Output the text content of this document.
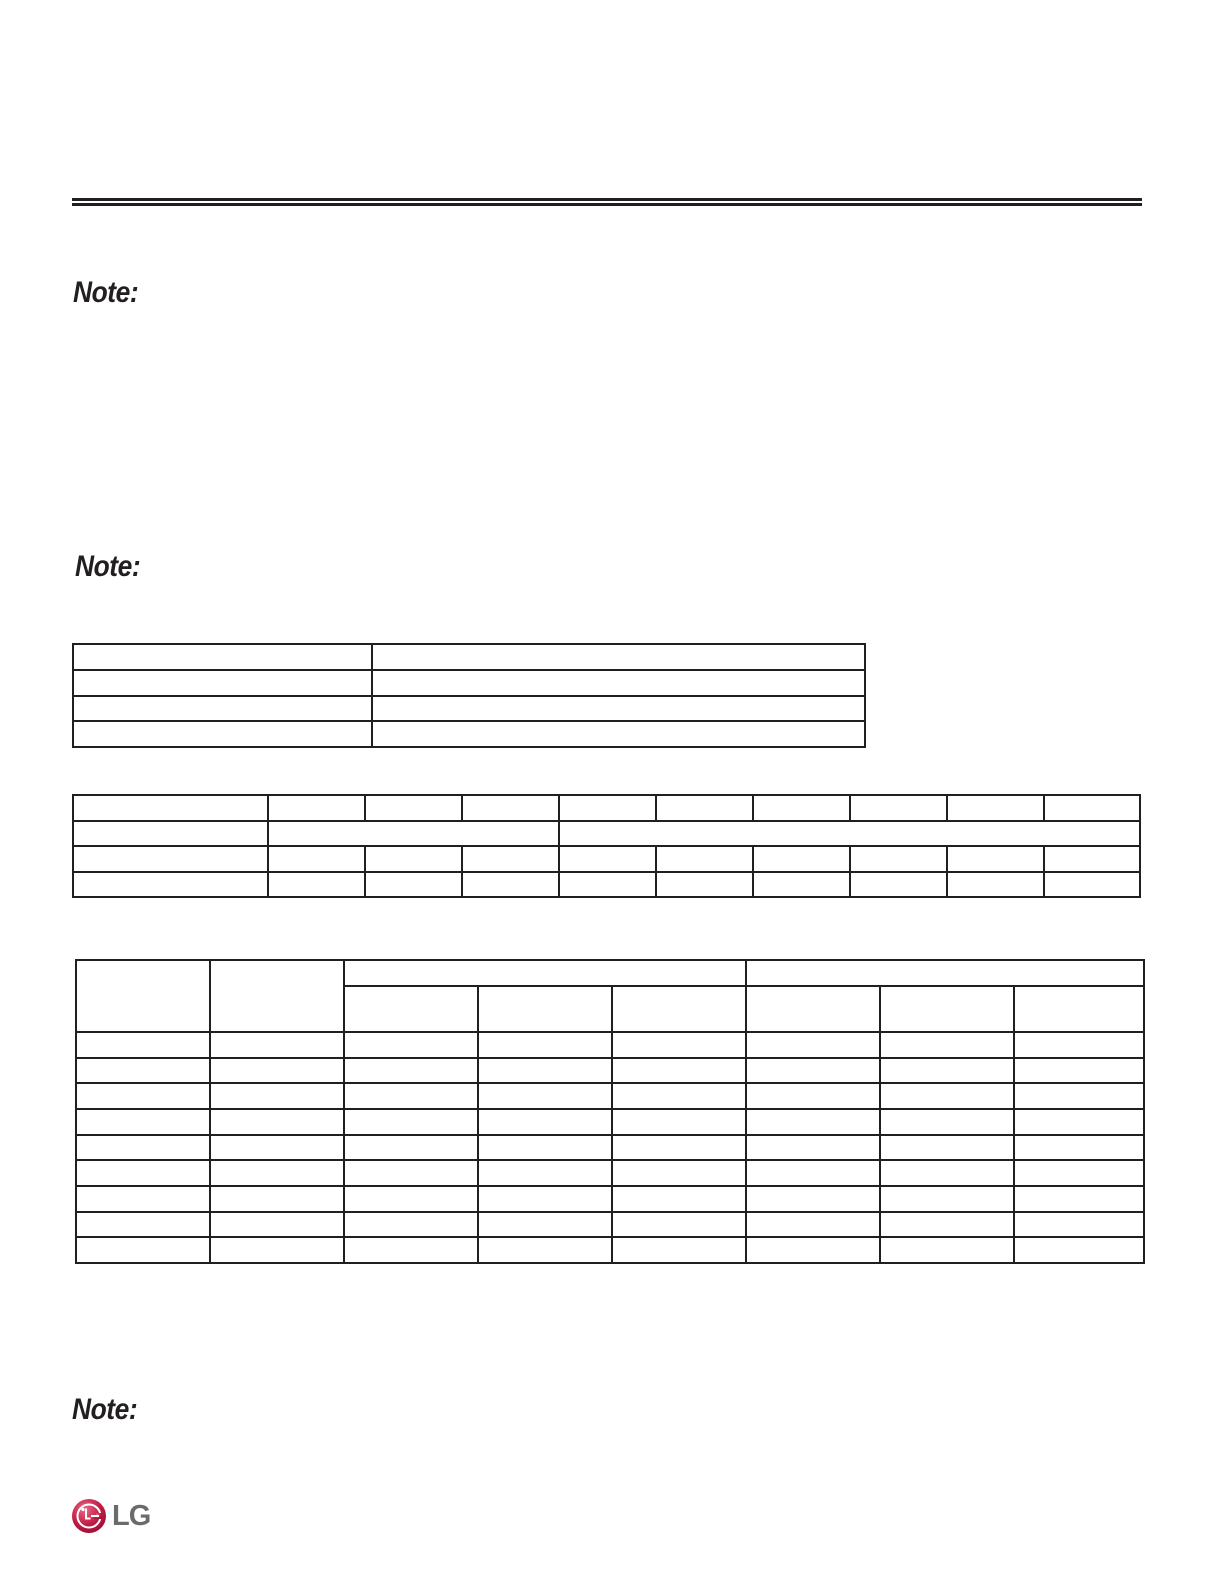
Note:
Note:
Note:

LG
